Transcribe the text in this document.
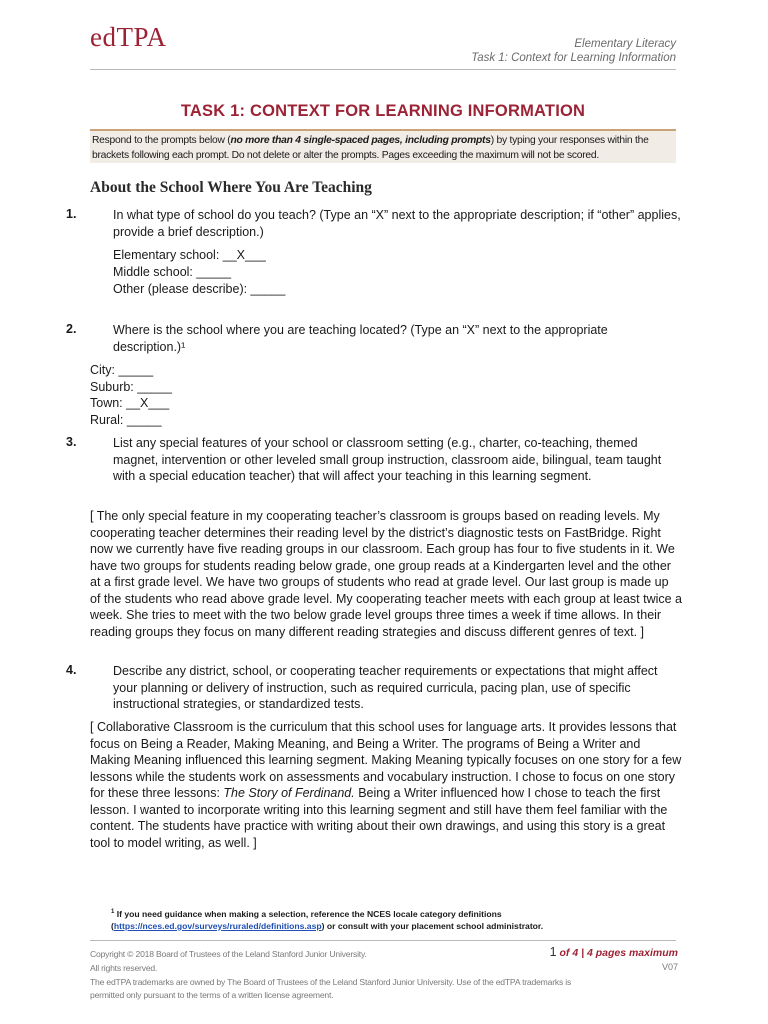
edTPA	Elementary Literacy
Task 1: Context for Learning Information
TASK 1: CONTEXT FOR LEARNING INFORMATION
Respond to the prompts below (no more than 4 single-spaced pages, including prompts) by typing your responses within the brackets following each prompt. Do not delete or alter the prompts. Pages exceeding the maximum will not be scored.
About the School Where You Are Teaching
1.	In what type of school do you teach? (Type an “X” next to the appropriate description; if “other” applies, provide a brief description.)
Elementary school: __X___
Middle school: _____
Other (please describe): _____
2.	Where is the school where you are teaching located? (Type an “X” next to the appropriate description.)¹
City: _____
Suburb: _____
Town: __X___
Rural: _____
3.	List any special features of your school or classroom setting (e.g., charter, co-teaching, themed magnet, intervention or other leveled small group instruction, classroom aide, bilingual, team taught with a special education teacher) that will affect your teaching in this learning segment.
[ The only special feature in my cooperating teacher’s classroom is groups based on reading levels. My cooperating teacher determines their reading level by the district’s diagnostic tests on FastBridge. Right now we currently have five reading groups in our classroom. Each group has four to five students in it. We have two groups for students reading below grade, one group reads at a Kindergarten level and the other at a first grade level. We have two groups of students who read at grade level. Our last group is made up of the students who read above grade level. My cooperating teacher meets with each group at least twice a week. She tries to meet with the two below grade level groups three times a week if time allows. In their reading groups they focus on many different reading strategies and discuss different genres of text. ]
4.	Describe any district, school, or cooperating teacher requirements or expectations that might affect your planning or delivery of instruction, such as required curricula, pacing plan, use of specific instructional strategies, or standardized tests.
[ Collaborative Classroom is the curriculum that this school uses for language arts. It provides lessons that focus on Being a Reader, Making Meaning, and Being a Writer. The programs of Being a Writer and Making Meaning influenced this learning segment. Making Meaning typically focuses on one story for a few lessons while the students work on assessments and vocabulary instruction. I chose to focus on one story for these three lessons: The Story of Ferdinand. Being a Writer influenced how I chose to teach the first lesson. I wanted to incorporate writing into this learning segment and still have them feel familiar with the content. The students have practice with writing about their own drawings, and using this story is a great tool to model writing, as well. ]
$^1$ If you need guidance when making a selection, reference the NCES locale category definitions
(https://nces.ed.gov/surveys/ruraled/definitions.asp) or consult with your placement school administrator.
Copyright © 2018 Board of Trustees of the Leland Stanford Junior University.
All rights reserved.
The edTPA trademarks are owned by The Board of Trustees of the Leland Stanford Junior University. Use of the edTPA trademarks is
permitted only pursuant to the terms of a written license agreement.
1 of 4 | 4 pages maximum
V07
